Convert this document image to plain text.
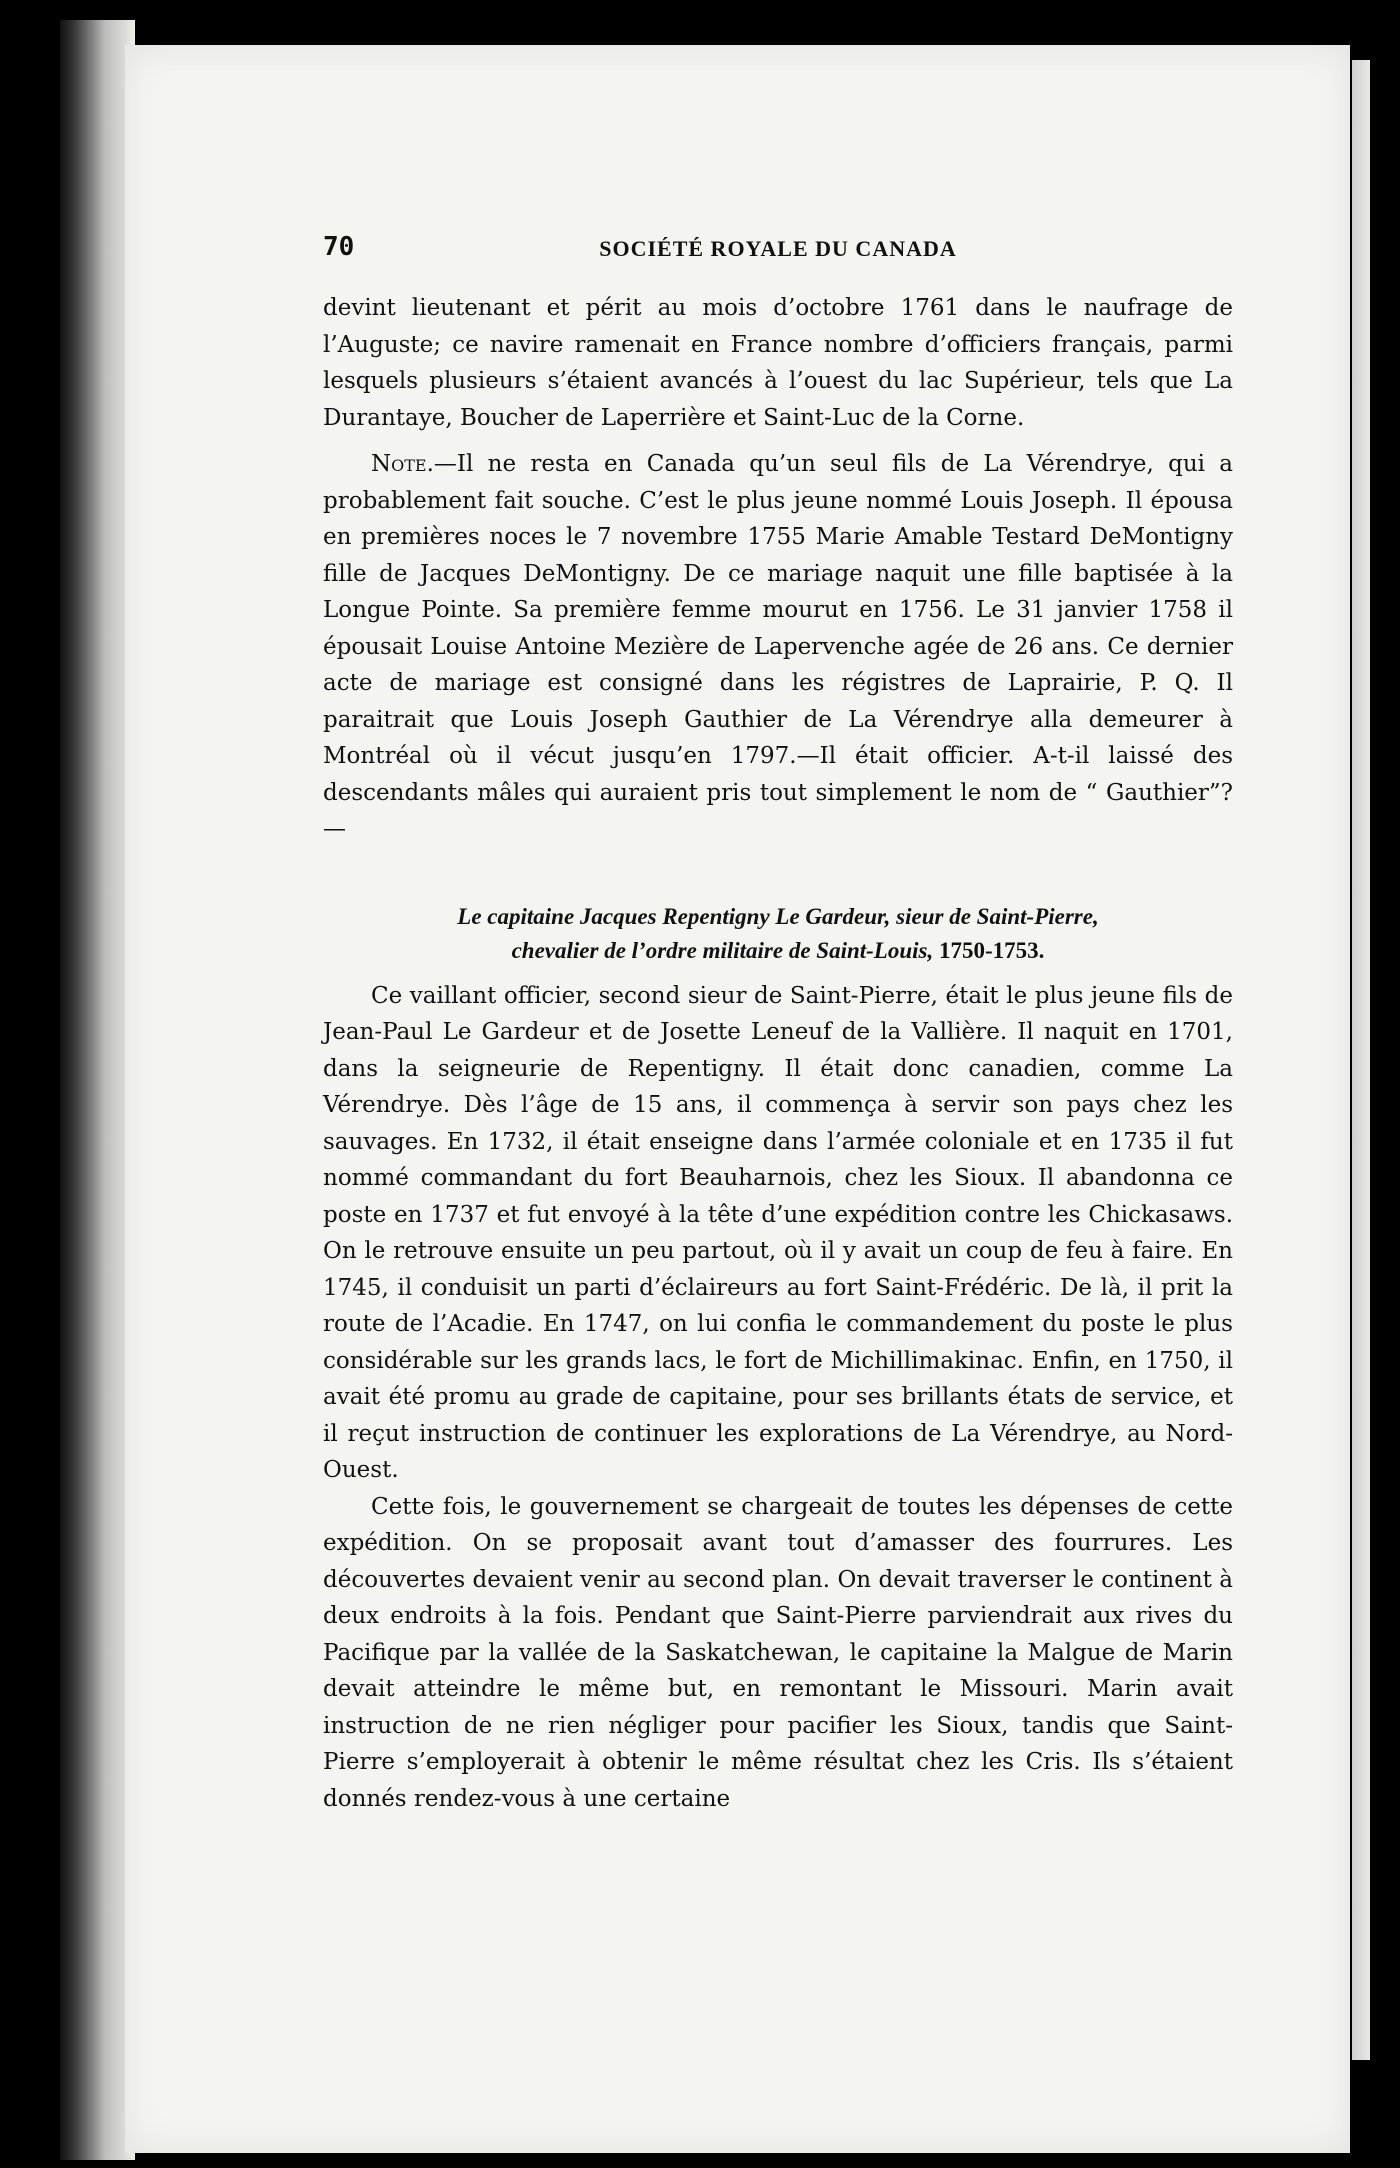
70	SOCIÉTÉ ROYALE DU CANADA

devint lieutenant et périt au mois d’octobre 1761 dans le naufrage de l’Auguste; ce navire ramenait en France nombre d’officiers français, parmi lesquels plusieurs s’étaient avancés à l’ouest du lac Supérieur, tels que La Durantaye, Boucher de Laperrière et Saint-Luc de la Corne.

Note.—Il ne resta en Canada qu’un seul fils de La Vérendrye, qui a probablement fait souche. C’est le plus jeune nommé Louis Joseph. Il épousa en premières noces le 7 novembre 1755 Marie Amable Testard DeMontigny fille de Jacques DeMontigny. De ce mariage naquit une fille baptisée à la Longue Pointe. Sa première femme mourut en 1756. Le 31 janvier 1758 il épousait Louise Antoine Mezière de Lapervenche agée de 26 ans. Ce dernier acte de mariage est consigné dans les régistres de Laprairie, P. Q. Il paraitrait que Louis Joseph Gauthier de La Vérendrye alla demeurer à Montréal où il vécut jusqu’en 1797.—Il était officier. A-t-il laissé des descendants mâles qui auraient pris tout simplement le nom de “ Gauthier”?—

Le capitaine Jacques Repentigny Le Gardeur, sieur de Saint-Pierre,

chevalier de l’ordre militaire de Saint-Louis, 1750-1753.

Ce vaillant officier, second sieur de Saint-Pierre, était le plus jeune fils de Jean-Paul Le Gardeur et de Josette Leneuf de la Vallière. Il naquit en 1701, dans la seigneurie de Repentigny. Il était donc canadien, comme La Vérendrye. Dès l’âge de 15 ans, il commença à servir son pays chez les sauvages. En 1732, il était enseigne dans l’armée coloniale et en 1735 il fut nommé commandant du fort Beauharnois, chez les Sioux. Il abandonna ce poste en 1737 et fut envoyé à la tête d’une expédition contre les Chickasaws. On le retrouve ensuite un peu partout, où il y avait un coup de feu à faire. En 1745, il conduisit un parti d’éclaireurs au fort Saint-Frédéric. De là, il prit la route de l’Acadie. En 1747, on lui confia le commandement du poste le plus considérable sur les grands lacs, le fort de Michillimakinac. Enfin, en 1750, il avait été promu au grade de capitaine, pour ses brillants états de service, et il reçut instruction de continuer les explorations de La Vérendrye, au Nord-Ouest.

Cette fois, le gouvernement se chargeait de toutes les dépenses de cette expédition. On se proposait avant tout d’amasser des fourrures. Les découvertes devaient venir au second plan. On devait traverser le continent à deux endroits à la fois. Pendant que Saint-Pierre parviendrait aux rives du Pacifique par la vallée de la Saskatchewan, le capitaine la Malgue de Marin devait atteindre le même but, en remontant le Missouri. Marin avait instruction de ne rien négliger pour pacifier les Sioux, tandis que Saint-Pierre s’employerait à obtenir le même résultat chez les Cris. Ils s’étaient donnés rendez-vous à une certaine
